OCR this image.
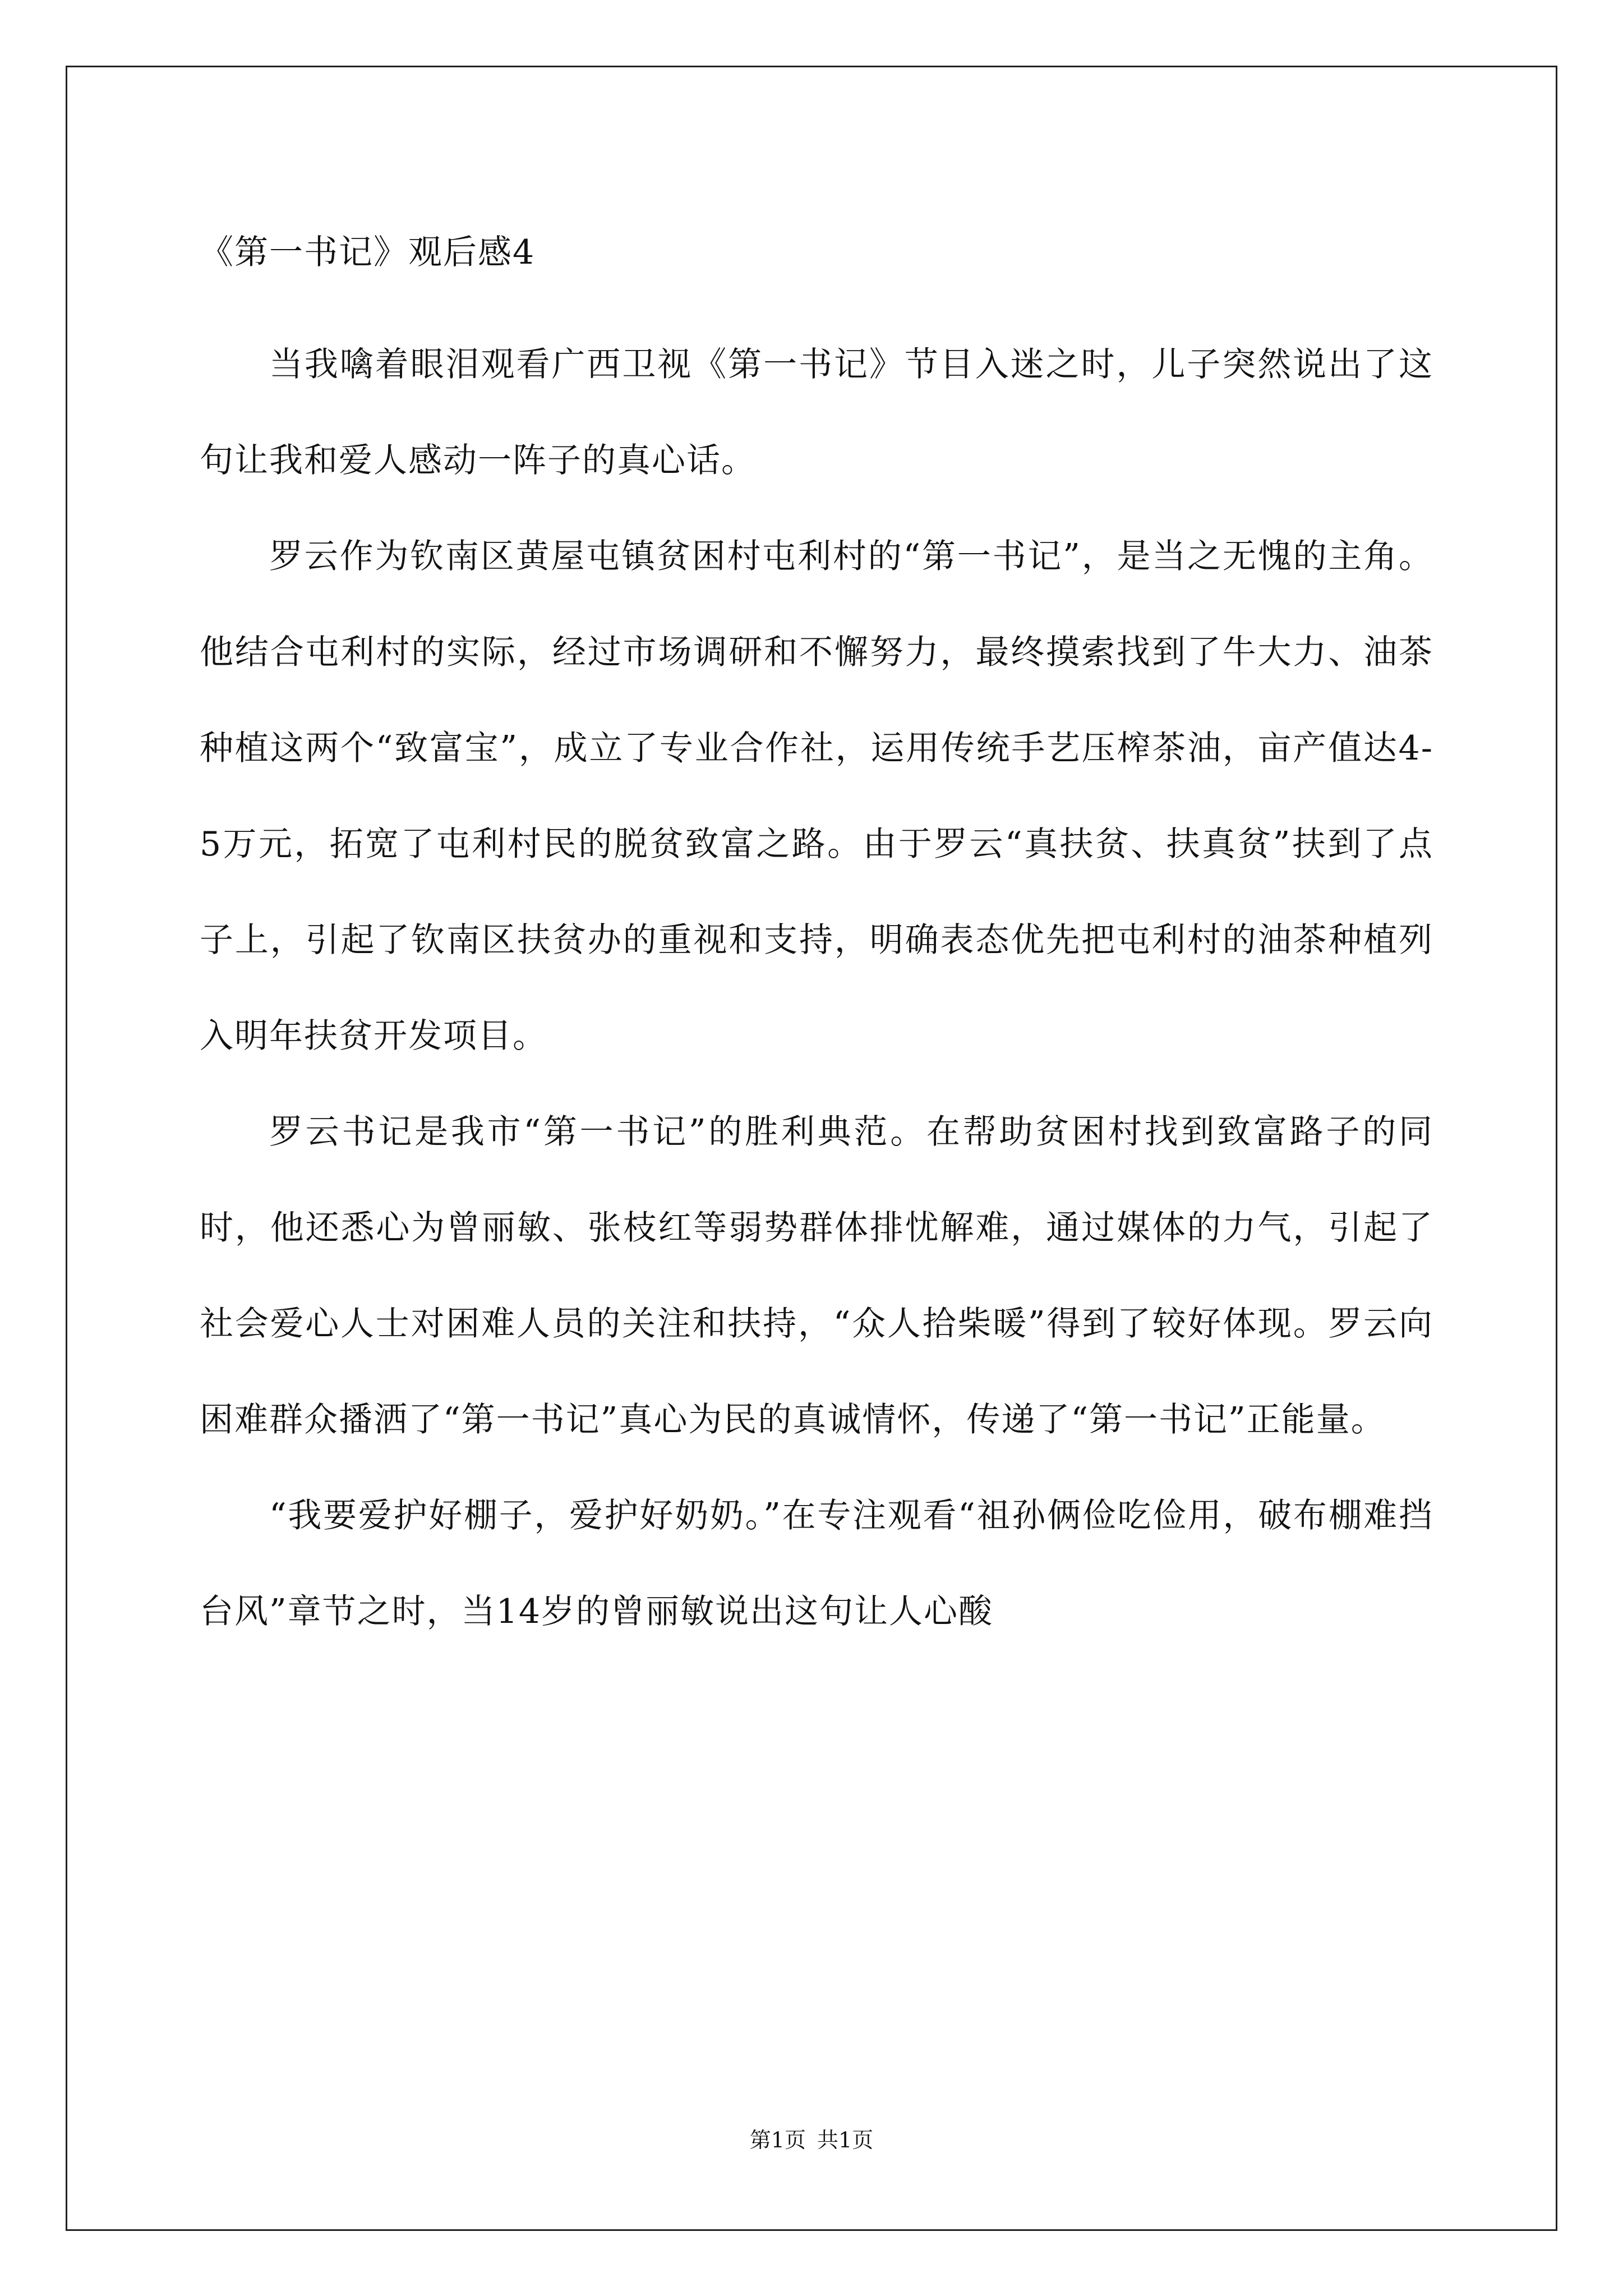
《第一书记》观后感4

当我噙着眼泪观看广西卫视《第一书记》节目入迷之时，儿子突然说出了这句让我和爱人感动一阵子的真心话。

罗云作为钦南区黄屋屯镇贫困村屯利村的“第一书记”，是当之无愧的主角。他结合屯利村的实际，经过市场调研和不懈努力，最终摸索找到了牛大力、油茶种植这两个“致富宝”，成立了专业合作社，运用传统手艺压榨茶油，亩产值达4-5万元，拓宽了屯利村民的脱贫致富之路。由于罗云“真扶贫、扶真贫”扶到了点子上，引起了钦南区扶贫办的重视和支持，明确表态优先把屯利村的油茶种植列入明年扶贫开发项目。

罗云书记是我市“第一书记”的胜利典范。在帮助贫困村找到致富路子的同时，他还悉心为曾丽敏、张枝红等弱势群体排忧解难，通过媒体的力气，引起了社会爱心人士对困难人员的关注和扶持，“众人拾柴暖”得到了较好体现。罗云向困难群众播洒了“第一书记”真心为民的真诚情怀，传递了“第一书记”正能量。

“我要爱护好棚子，爱护好奶奶。”在专注观看“祖孙俩俭吃俭用，破布棚难挡台风”章节之时，当14岁的曾丽敏说出这句让人心酸

第1页 共1页
